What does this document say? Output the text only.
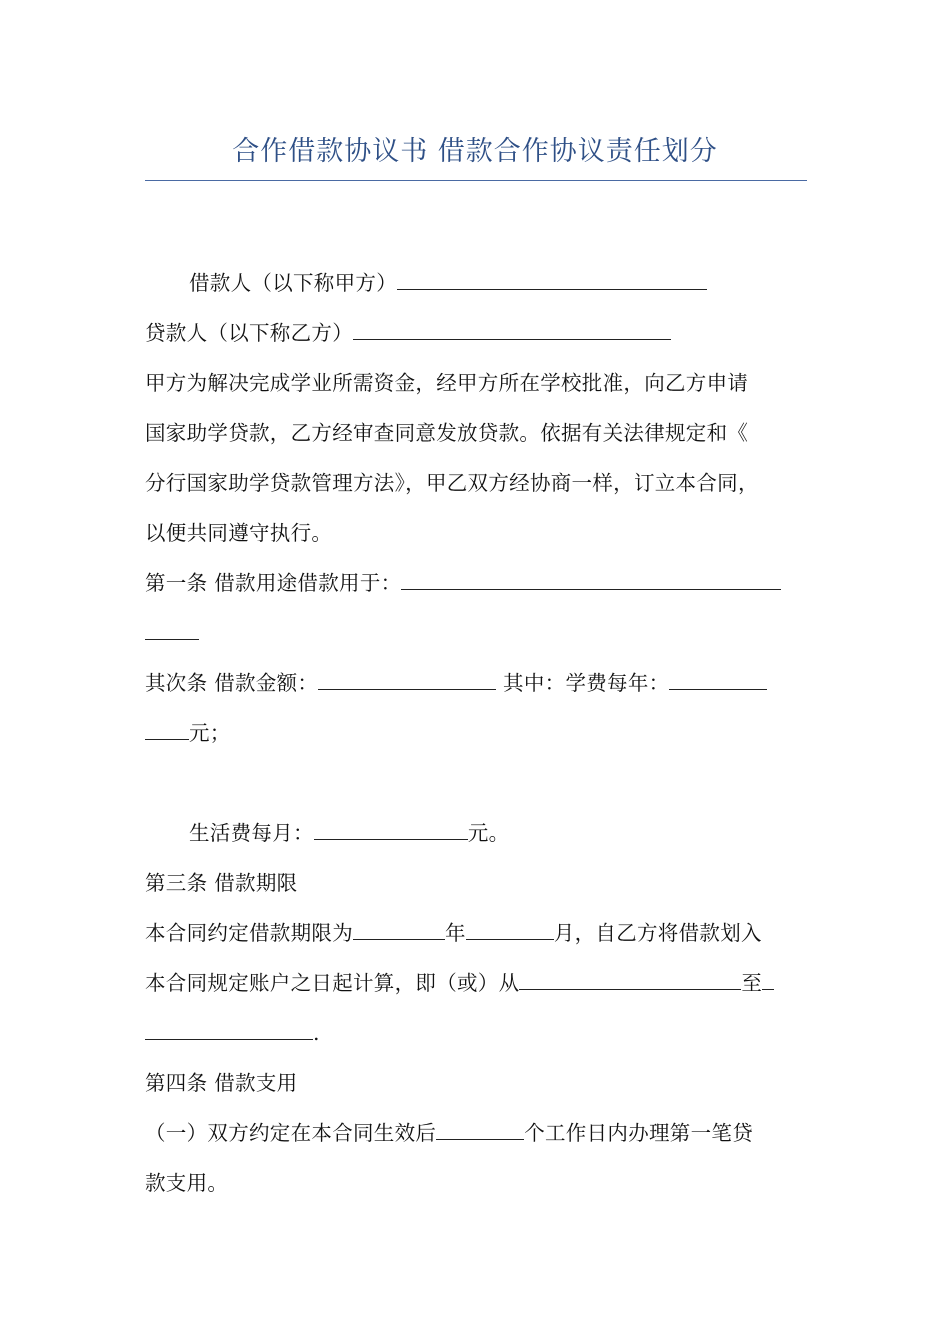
合作借款协议书 借款合作协议责任划分
借款人（以下称甲方）
贷款人（以下称乙方）
甲方为解决完成学业所需资金，经甲方所在学校批准，向乙方申请
国家助学贷款，乙方经审查同意发放贷款。依据有关法律规定和《
分行国家助学贷款管理方法》，甲乙双方经协商一样，订立本合同，
以便共同遵守执行。
第一条 借款用途借款用于：
其次条 借款金额：	其中：学费每年：
元；
生活费每月：	元。
第三条 借款期限
本合同约定借款期限为	年	月，自乙方将借款划入
本合同规定账户之日起计算，即（或）从	至
.
第四条 借款支用
（一）双方约定在本合同生效后	个工作日内办理第一笔贷
款支用。
